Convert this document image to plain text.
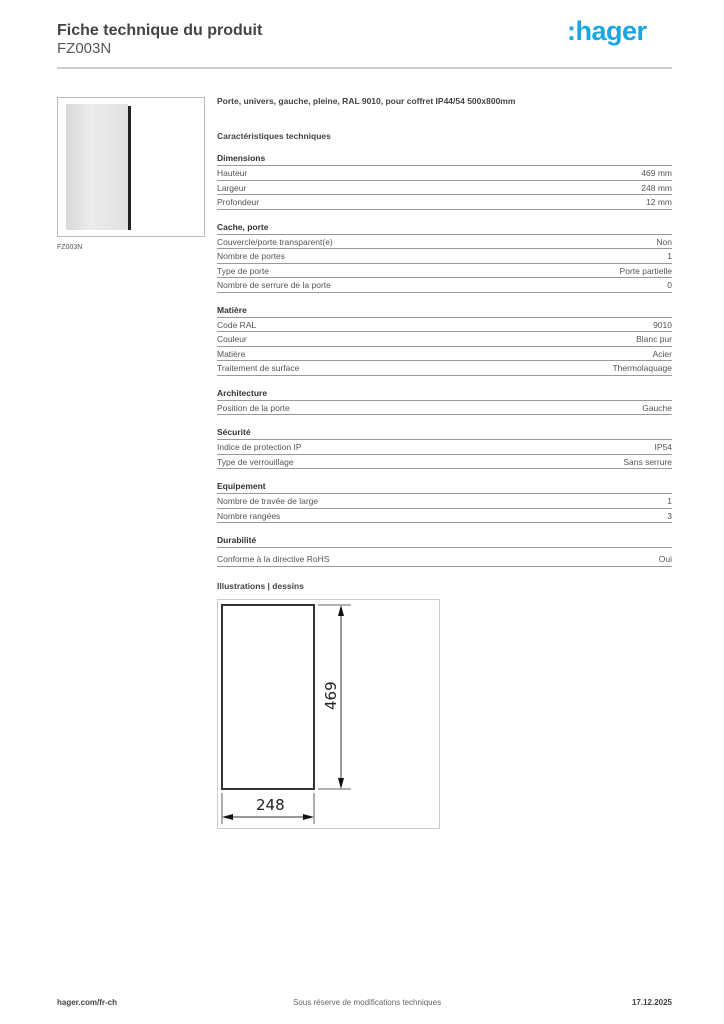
Fiche technique du produit
FZ003N
:hager
FZ003N
Porte, univers, gauche, pleine, RAL 9010, pour coffret IP44/54 500x800mm
Caractéristiques techniques
Dimensions
Hauteur	469 mm
Largeur	248 mm
Profondeur	12 mm
Cache, porte
Couvercle/porte transparent(e)	Non
Nombre de portes	1
Type de porte	Porte partielle
Nombre de serrure de la porte	0
Matière
Code RAL	9010
Couleur	Blanc pur
Matière	Acier
Traitement de surface	Thermolaquage
Architecture
Position de la porte	Gauche
Sécurité
Indice de protection IP	IP54
Type de verrouillage	Sans serrure
Equipement
Nombre de travée de large	1
Nombre rangées	3
Durabilité
Conforme à la directive RoHS	Oui
Illustrations | dessins
469
248
hager.com/fr-ch	Sous réserve de modifications techniques	17.12.2025
